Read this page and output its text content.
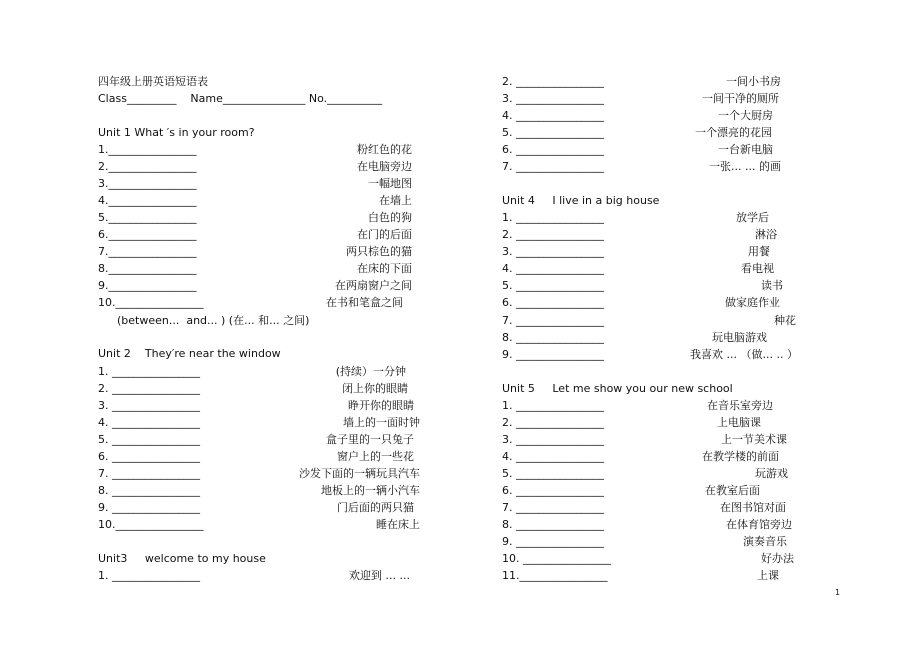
四年级上册英语短语表
Class_________    Name_______________ No.__________
Unit 1 What ′s in your room?
1.________________	粉红色的花
2.________________	在电脑旁边
3.________________	一幅地图
4.________________	在墙上
5.________________	白色的狗
6.________________	在门的后面
7.________________	两只棕色的猫
8.________________	在床的下面
9.________________	在两扇窗户之间
10.________________	在书和笔盒之间
(between...  and... ) (在... 和... 之间)
Unit 2    They′re near the window
1. ________________	(持续）一分钟
2. ________________	闭上你的眼睛
3. ________________	睁开你的眼睛
4. ________________	墙上的一面时钟
5. ________________	盒子里的一只兔子
6. ________________	窗户上的一些花
7. ________________	沙发下面的一辆玩具汽车
8. ________________	地板上的一辆小汽车
9. ________________	门后面的两只猫
10.________________	睡在床上
Unit3     welcome to my house
1. ________________	欢迎到 ... ...
2. ________________	一间小书房
3. ________________	一间干净的厕所
4. ________________	一个大厨房
5. ________________	一个漂亮的花园
6. ________________	一台新电脑
7. ________________	一张... ... 的画
Unit 4     I live in a big house
1. ________________	放学后
2. ________________	淋浴
3. ________________	用餐
4. ________________	看电视
5. ________________	读书
6. ________________	做家庭作业
7. ________________	种花
8. ________________	玩电脑游戏
9. ________________	我喜欢 ... （做... .. ）
Unit 5     Let me show you our new school
1. ________________	在音乐室旁边
2. ________________	上电脑课
3. ________________	上一节美术课
4. ________________	在教学楼的前面
5. ________________	玩游戏
6. ________________	在教室后面
7. ________________	在图书馆对面
8. ________________	在体育馆旁边
9. ________________	演奏音乐
10. ________________	好办法
11.________________	上课
1
